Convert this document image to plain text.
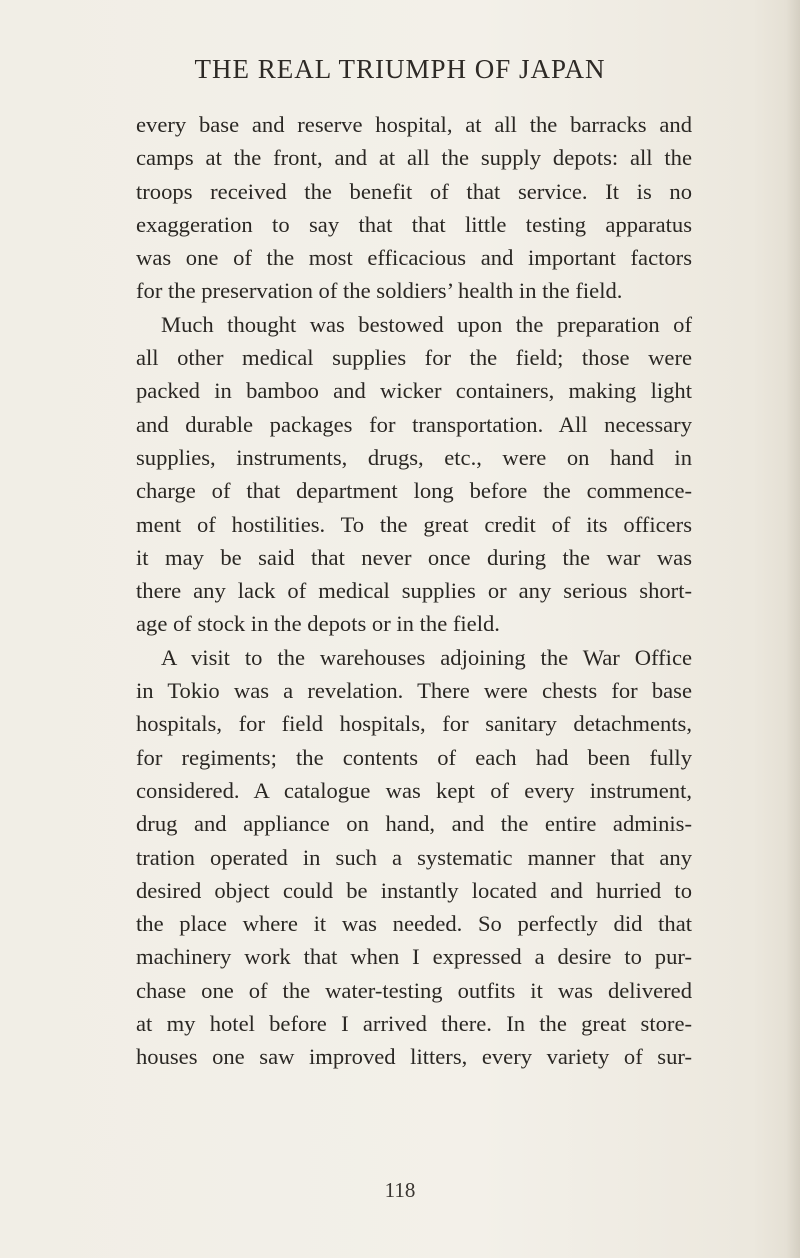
THE REAL TRIUMPH OF JAPAN
every base and reserve hospital, at all the barracks and
camps at the front, and at all the supply depots: all the
troops received the benefit of that service. It is no
exaggeration to say that that little testing apparatus
was one of the most efficacious and important factors
for the preservation of the soldiers’ health in the field.
Much thought was bestowed upon the preparation of
all other medical supplies for the field; those were
packed in bamboo and wicker containers, making light
and durable packages for transportation. All necessary
supplies, instruments, drugs, etc., were on hand in
charge of that department long before the commence-
ment of hostilities. To the great credit of its officers
it may be said that never once during the war was
there any lack of medical supplies or any serious short-
age of stock in the depots or in the field.
A visit to the warehouses adjoining the War Office
in Tokio was a revelation. There were chests for base
hospitals, for field hospitals, for sanitary detachments,
for regiments; the contents of each had been fully
considered. A catalogue was kept of every instrument,
drug and appliance on hand, and the entire adminis-
tration operated in such a systematic manner that any
desired object could be instantly located and hurried to
the place where it was needed. So perfectly did that
machinery work that when I expressed a desire to pur-
chase one of the water-testing outfits it was delivered
at my hotel before I arrived there. In the great store-
houses one saw improved litters, every variety of sur-
118
